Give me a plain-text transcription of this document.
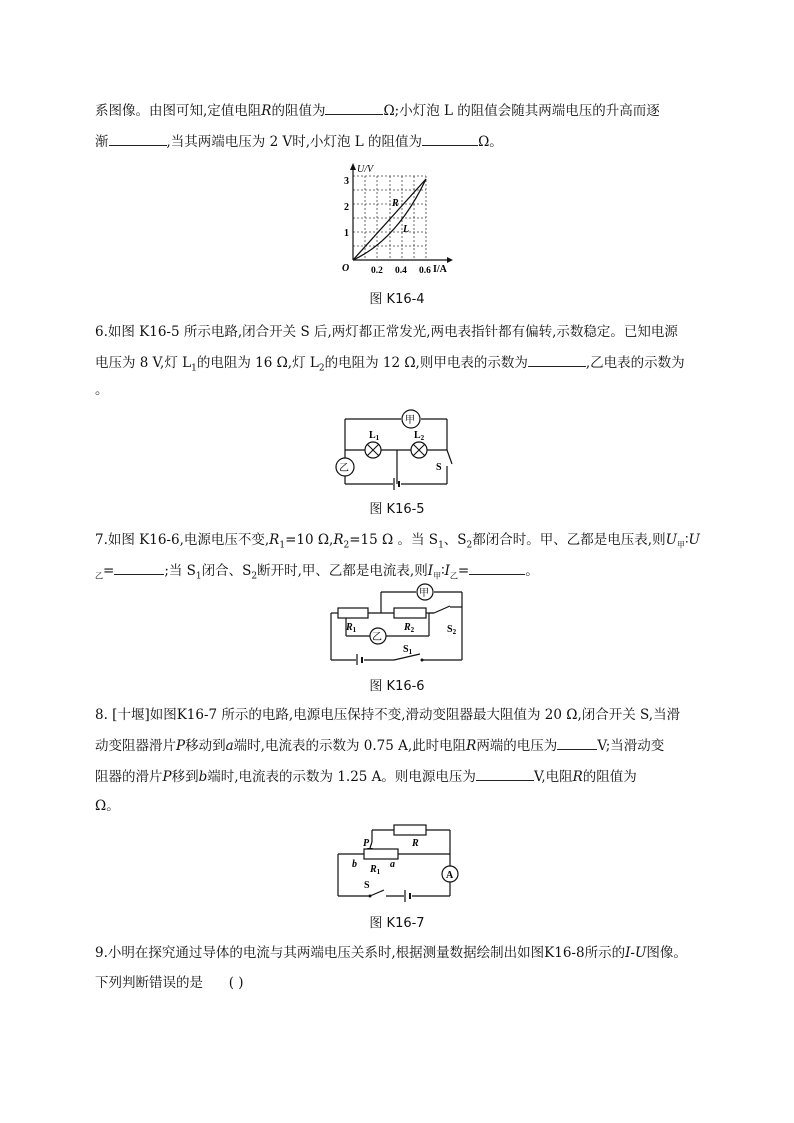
系图像。由图可知,定值电阻R的阻值为	Ω;小灯泡 L 的阻值会随其两端电压的升高而逐
渐	,当其两端电压为 2 V时,小灯泡 L 的阻值为	Ω。
U/V
I/A
O
1
2
3
0.2 0.4 0.6
R
L
图 K16-4
6.如图 K16-5 所示电路,闭合开关 S 后,两灯都正常发光,两电表指针都有偏转,示数稳定。已知电源
电压为 8 V,灯 $L_1$的电阻为 16 Ω,灯 $L_2$的电阻为 12 Ω,则甲电表的示数为	,乙电表的示数为
。
甲
乙
$L_1$	$L_2$
S
图 K16-5
7.如图 K16-6,电源电压不变$,R_1=10$ $\Omega,R_2=15$ Ω 。当 $S_1$、$S_2$都闭合时。甲、乙都是电压表,则$U_甲∶U$
$_乙$=	;当 $S_1$闭合、$S_2$断开时,甲、乙都是电流表,则$I_甲∶I_乙=$	。
甲
乙
$R_1$	$R_2$	$S_2$
$S_1$
图 K16-6
8. [十堰]如图K16-7 所示的电路,电源电压保持不变,滑动变阻器最大阻值为 20 Ω,闭合开关 S,当滑
动变阻器滑片P移动到a端时,电流表的示数为 0.75 A,此时电阻R两端的电压为	V;当滑动变
阻器的滑片P移到b端时,电流表的示数为 1.25 A。则电源电压为	V,电阻R的阻值为
Ω。
A
P	R
b	a
$R_1$
S
图 K16-7
9.小明在探究通过导体的电流与其两端电压关系时,根据测量数据绘制出如图K16-8所示的I-U图像。
下列判断错误的是 ( )
